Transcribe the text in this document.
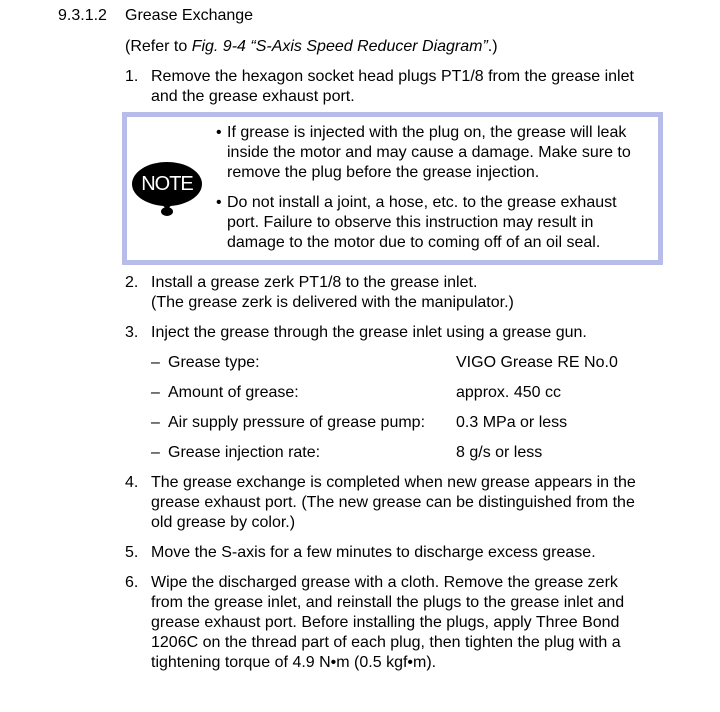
9.3.1.2 Grease Exchange
(Refer to Fig. 9-4 “S-Axis Speed Reducer Diagram”.)
1. Remove the hexagon socket head plugs PT1/8 from the grease inlet
and the grease exhaust port.
NOTE
• If grease is injected with the plug on, the grease will leak
inside the motor and may cause a damage. Make sure to
remove the plug before the grease injection.
• Do not install a joint, a hose, etc. to the grease exhaust
port. Failure to observe this instruction may result in
damage to the motor due to coming off of an oil seal.
2. Install a grease zerk PT1/8 to the grease inlet.
(The grease zerk is delivered with the manipulator.)
3. Inject the grease through the grease inlet using a grease gun.
– Grease type:	VIGO Grease RE No.0
– Amount of grease:	approx. 450 cc
– Air supply pressure of grease pump: 0.3 MPa or less
– Grease injection rate:	8 g/s or less
4. The grease exchange is completed when new grease appears in the
grease exhaust port. (The new grease can be distinguished from the
old grease by color.)
5. Move the S-axis for a few minutes to discharge excess grease.
6. Wipe the discharged grease with a cloth. Remove the grease zerk
from the grease inlet, and reinstall the plugs to the grease inlet and
grease exhaust port. Before installing the plugs, apply Three Bond
1206C on the thread part of each plug, then tighten the plug with a
tightening torque of 4.9 N•m (0.5 kgf•m).
